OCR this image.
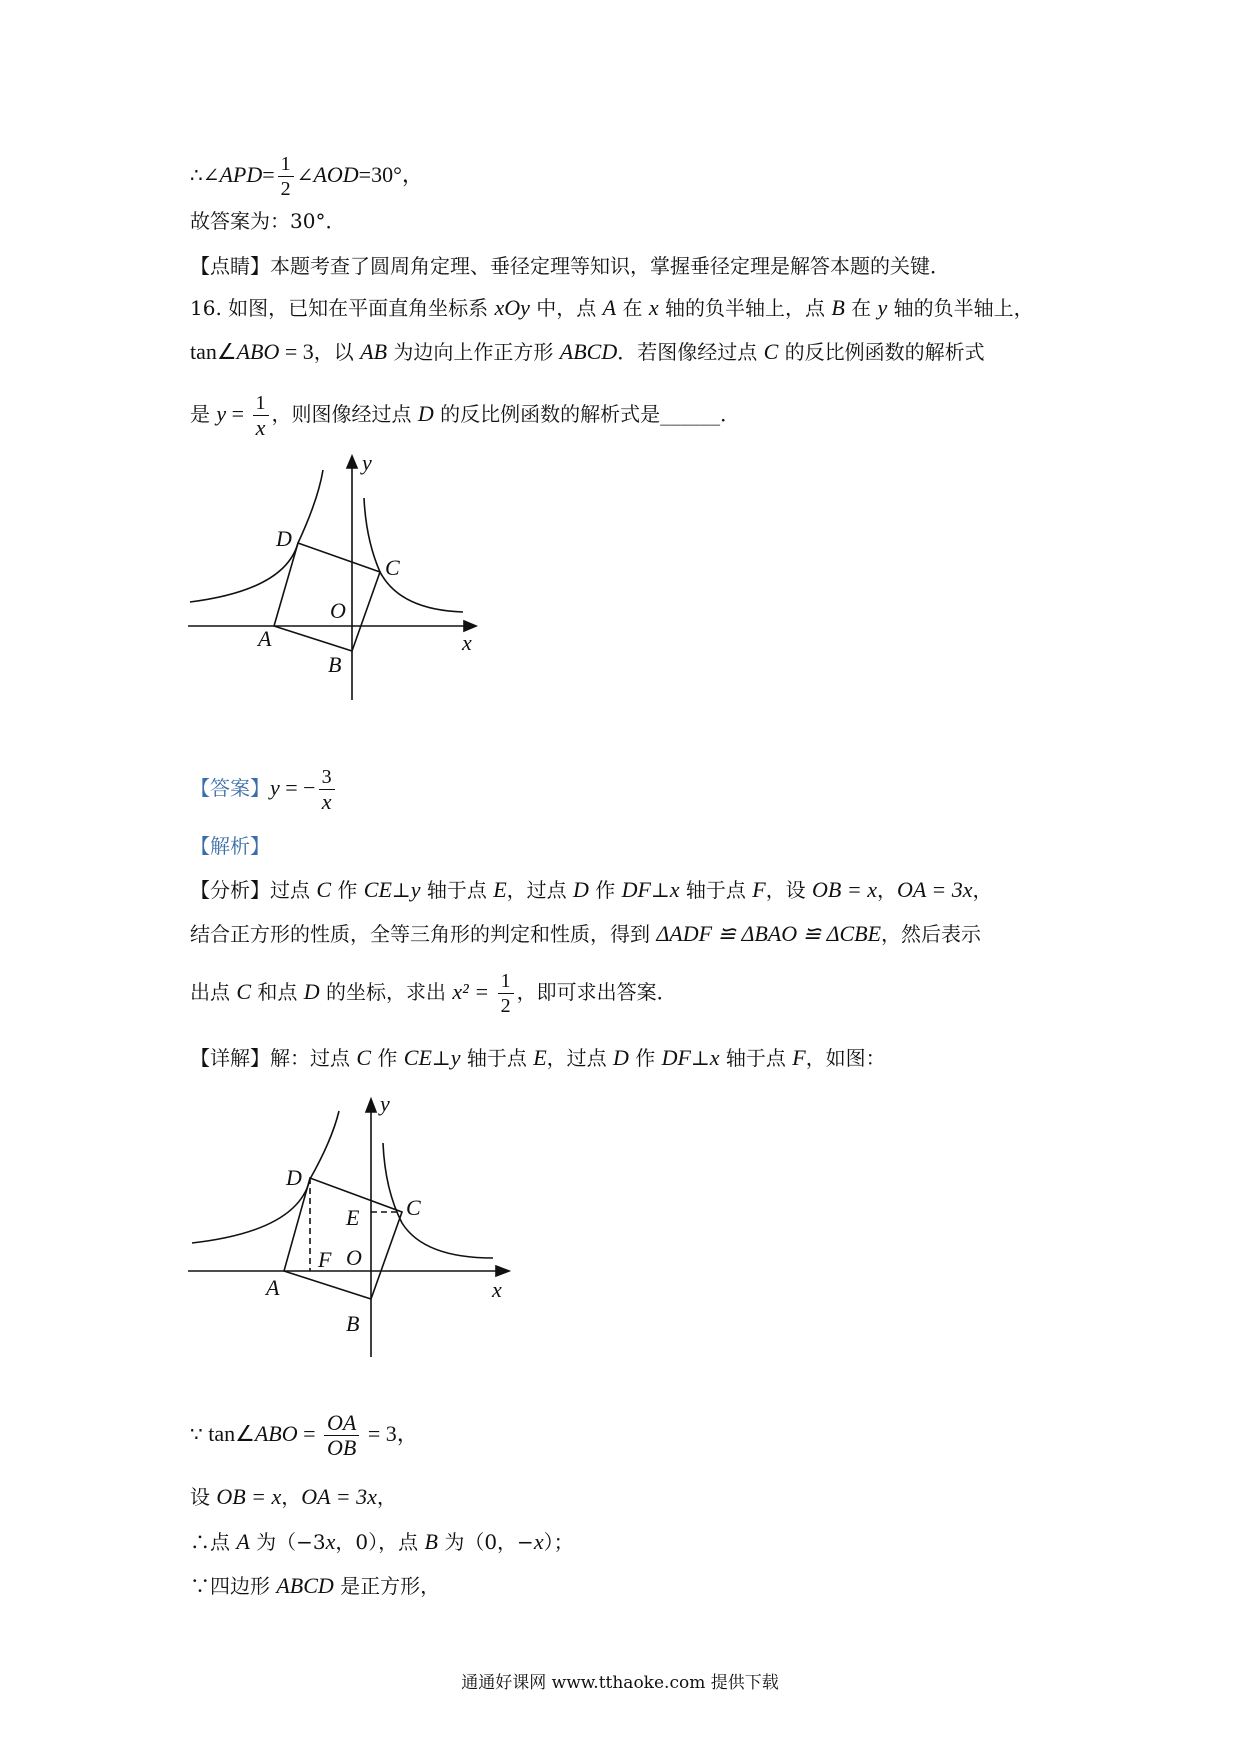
∴∠APD= $\frac{1}{2}$ ∠AOD=30°，
故答案为：30°．
【点睛】本题考查了圆周角定理、垂径定理等知识，掌握垂径定理是解答本题的关键．
16. 如图，已知在平面直角坐标系 xOy 中，点 A 在 x 轴的负半轴上，点 B 在 y 轴的负半轴上，
tan∠ABO = 3，以 AB 为边向上作正方形 ABCD．若图像经过点 C 的反比例函数的解析式
是 $y = \frac{1}{x}$ ，则图像经过点 D 的反比例函数的解析式是______．
y
x
O
A
B
C
D
【答案】y = − $\frac{3}{x}$
【解析】
【分析】过点 C 作 CE⊥y 轴于点 E，过点 D 作 DF⊥x 轴于点 F，设 OB = x，OA = 3x，
结合正方形的性质，全等三角形的判定和性质，得到 ΔADF ≌ ΔBAO ≌ ΔCBE，然后表示
出点 C 和点 D 的坐标，求出 $x^2 = \frac{1}{2}$ ，即可求出答案．
【详解】解：过点 C 作 CE⊥y 轴于点 E，过点 D 作 DF⊥x 轴于点 F，如图：
y
x
O
A
B
C
D
E
F
∵ tan∠ABO = $\frac{OA}{OB} = 3$，
设 OB = x，OA = 3x，
∴点 A 为（−3x，0），点 B 为（0，−x）；
∵四边形 ABCD 是正方形，
通通好课网 www.tthaoke.com 提供下载
